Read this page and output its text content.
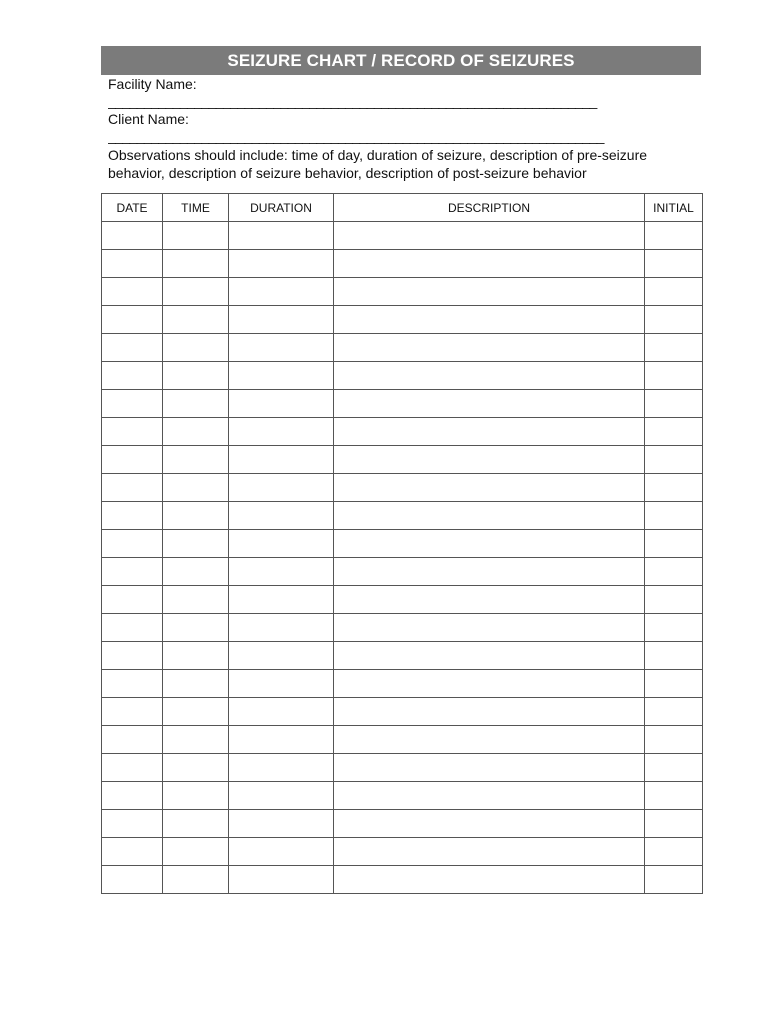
SEIZURE CHART / RECORD OF SEIZURES
Facility Name:
____________________________________________________________________
Client Name:
_____________________________________________________________________
Observations should include: time of day, duration of seizure, description of pre-seizure behavior, description of seizure behavior, description of post-seizure behavior
DATE	TIME	DURATION	DESCRIPTION	INITIAL
